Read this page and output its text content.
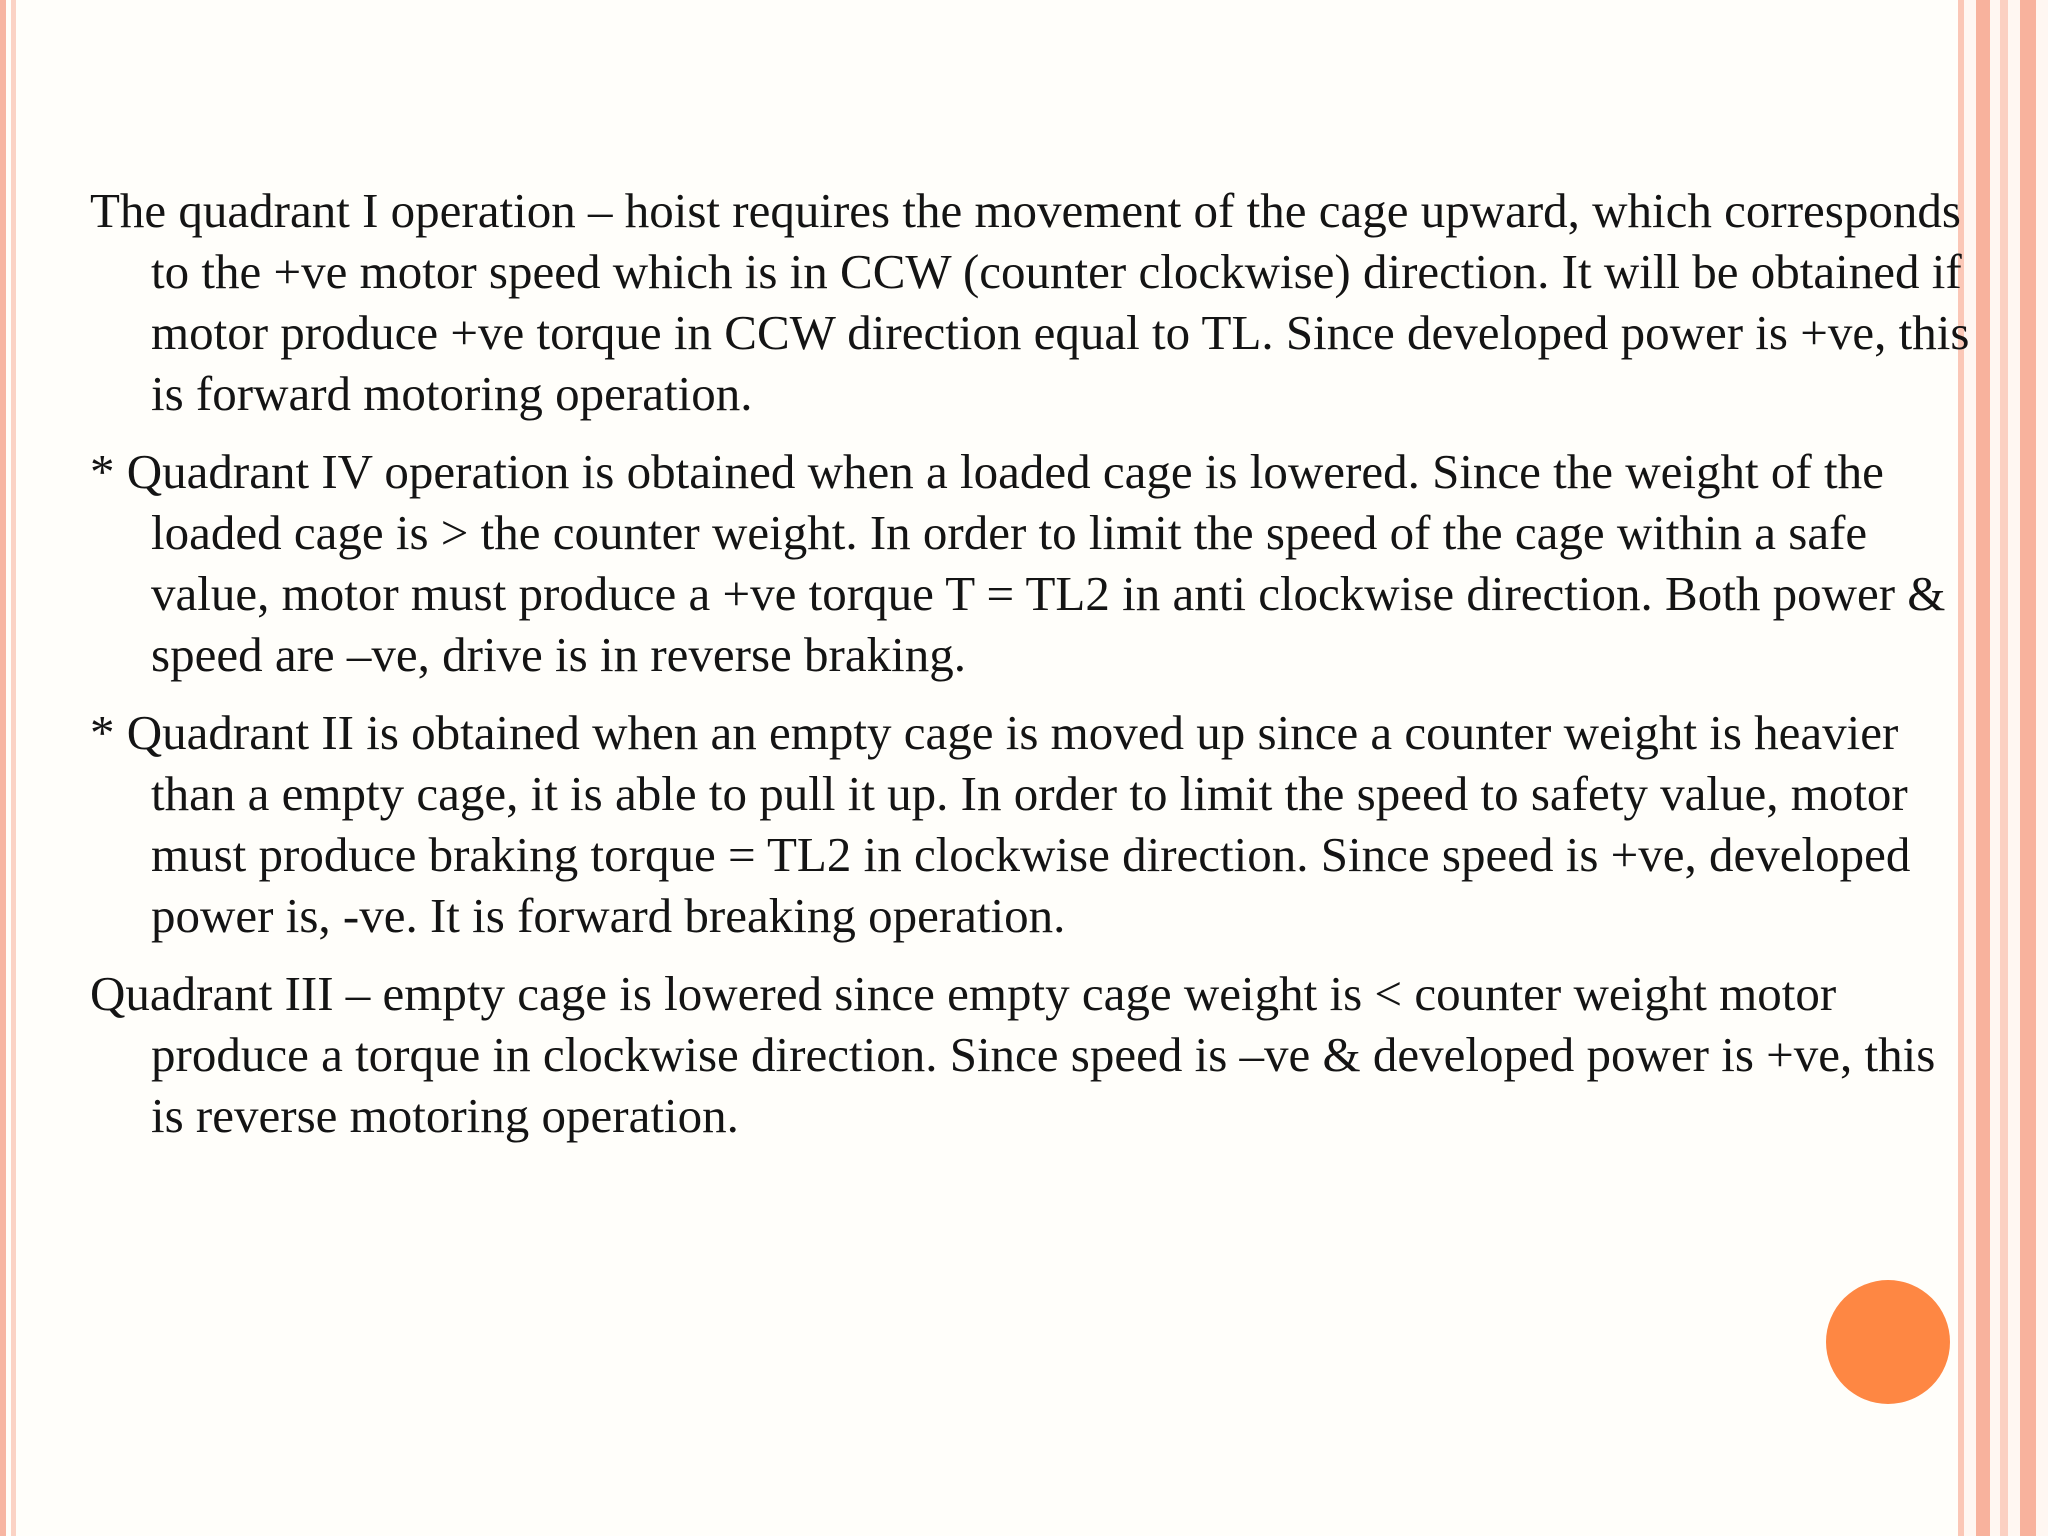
The quadrant I operation – hoist requires the movement of the cage upward, which corresponds to the +ve motor speed which is in CCW (counter clockwise) direction. It will be obtained if motor produce +ve torque in CCW direction equal to TL. Since developed power is +ve, this is forward motoring operation.

* Quadrant IV operation is obtained when a loaded cage is lowered. Since the weight of the loaded cage is > the counter weight. In order to limit the speed of the cage within a safe value, motor must produce a +ve torque T = TL2 in anti clockwise direction. Both power & speed are –ve, drive is in reverse braking.

* Quadrant II is obtained when an empty cage is moved up since a counter weight is heavier than a empty cage, it is able to pull it up. In order to limit the speed to safety value, motor must produce braking torque = TL2 in clockwise direction. Since speed is +ve, developed power is, -ve. It is forward breaking operation.

Quadrant III – empty cage is lowered since empty cage weight is < counter weight motor produce a torque in clockwise direction. Since speed is –ve & developed power is +ve, this is reverse motoring operation.
